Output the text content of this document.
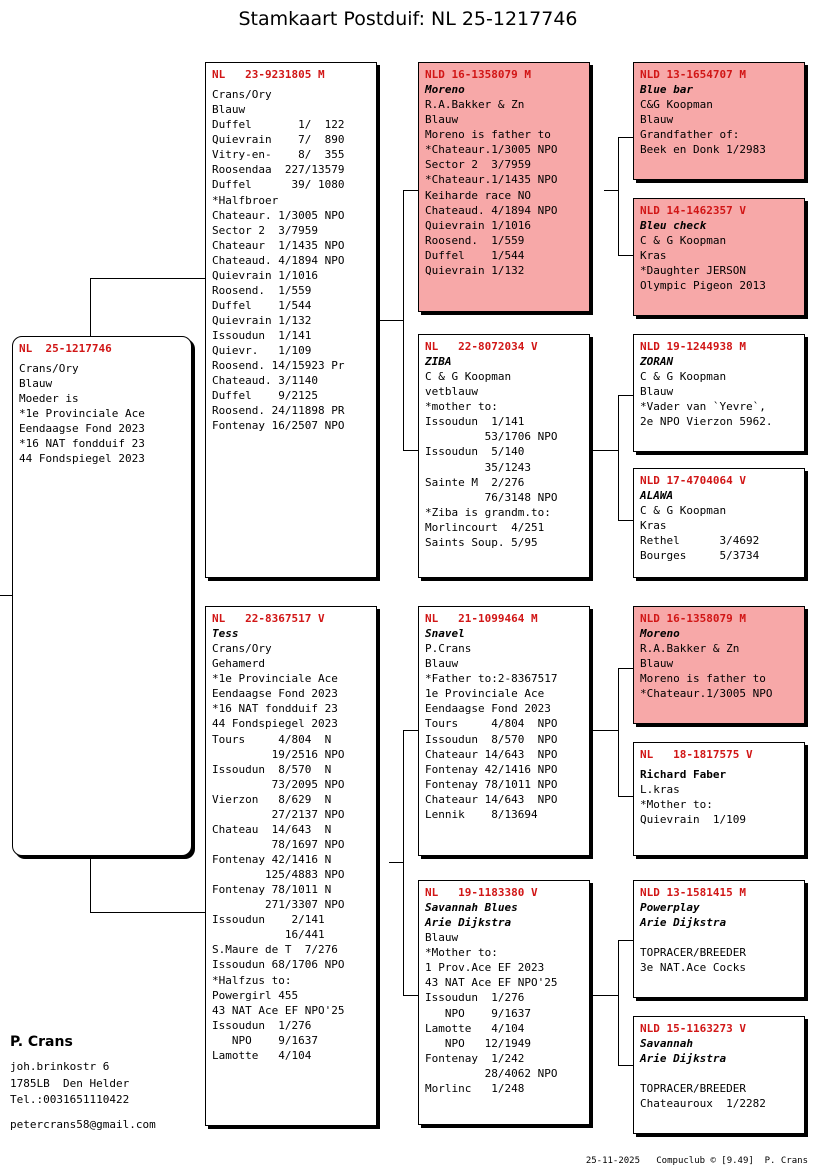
Stamkaart Postduif: NL 25-1217746
NL  25-1217746
Crans/Ory
Blauw
Moeder is
*1e Provinciale Ace
Eendaagse Fond 2023
*16 NAT fondduif 23
44 Fondspiegel 2023
NL   23-9231805 M
Crans/Ory
Blauw
Duffel       1/  122
Quievrain    7/  890
Vitry-en-    8/  355
Roosendaa  227/13579
Duffel      39/ 1080
*Halfbroer
Chateaur. 1/3005 NPO
Sector 2  3/7959
Chateaur  1/1435 NPO
Chateaud. 4/1894 NPO
Quievrain 1/1016
Roosend.  1/559
Duffel    1/544
Quievrain 1/132
Issoudun  1/141
Quievr.   1/109
Roosend. 14/15923 Pr
Chateaud. 3/1140
Duffel    9/2125
Roosend. 24/11898 PR
Fontenay 16/2507 NPO
NL   22-8367517 V
Tess
Crans/Ory
Gehamerd
*1e Provinciale Ace
Eendaagse Fond 2023
*16 NAT fondduif 23
44 Fondspiegel 2023
Tours     4/804  N
19/2516 NPO
Issoudun  8/570  N
73/2095 NPO
Vierzon   8/629  N
27/2137 NPO
Chateau  14/643  N
78/1697 NPO
Fontenay 42/1416 N
125/4883 NPO
Fontenay 78/1011 N
271/3307 NPO
Issoudun    2/141
16/441
S.Maure de T  7/276
Issoudun 68/1706 NPO
*Halfzus to:
Powergirl 455
43 NAT Ace EF NPO'25
Issoudun  1/276
NPO    9/1637
Lamotte   4/104
NLD 16-1358079 M
Moreno
R.A.Bakker & Zn
Blauw
Moreno is father to
*Chateaur.1/3005 NPO
Sector 2  3/7959
*Chateaur.1/1435 NPO
Keiharde race NO
Chateaud. 4/1894 NPO
Quievrain 1/1016
Roosend.  1/559
Duffel    1/544
Quievrain 1/132
NL   22-8072034 V
ZIBA
C & G Koopman
vetblauw
*mother to:
Issoudun  1/141
53/1706 NPO
Issoudun  5/140
35/1243
Sainte M  2/276
76/3148 NPO
*Ziba is grandm.to:
Morlincourt  4/251
Saints Soup. 5/95
NL   21-1099464 M
Snavel
P.Crans
Blauw
*Father to:2-8367517
1e Provinciale Ace
Eendaagse Fond 2023
Tours     4/804  NPO
Issoudun  8/570  NPO
Chateaur 14/643  NPO
Fontenay 42/1416 NPO
Fontenay 78/1011 NPO
Chateaur 14/643  NPO
Lennik    8/13694
NL   19-1183380 V
Savannah Blues
Arie Dijkstra
Blauw
*Mother to:
1 Prov.Ace EF 2023
43 NAT Ace EF NPO'25
Issoudun  1/276
NPO    9/1637
Lamotte   4/104
NPO   12/1949
Fontenay  1/242
28/4062 NPO
Morlinc   1/248
NLD 13-1654707 M
Blue bar
C&G Koopman
Blauw
Grandfather of:
Beek en Donk 1/2983
NLD 14-1462357 V
Bleu check
C & G Koopman
Kras
*Daughter JERSON
Olympic Pigeon 2013
NLD 19-1244938 M
ZORAN
C & G Koopman
Blauw
*Vader van `Yevre`,
2e NPO Vierzon 5962.
NLD 17-4704064 V
ALAWA
C & G Koopman
Kras
Rethel      3/4692
Bourges     5/3734
NLD 16-1358079 M
Moreno
R.A.Bakker & Zn
Blauw
Moreno is father to
*Chateaur.1/3005 NPO
NL   18-1817575 V
Richard Faber
L.kras
*Mother to:
Quievrain  1/109
NLD 13-1581415 M
Powerplay
Arie Dijkstra

TOPRACER/BREEDER
3e NAT.Ace Cocks
NLD 15-1163273 V
Savannah
Arie Dijkstra

TOPRACER/BREEDER
Chateauroux  1/2282
P. Crans
joh.brinkostr 6
1785LB  Den Helder
Tel.:0031651110422
petercrans58@gmail.com
25-11-2025   Compuclub © [9.49]  P. Crans
